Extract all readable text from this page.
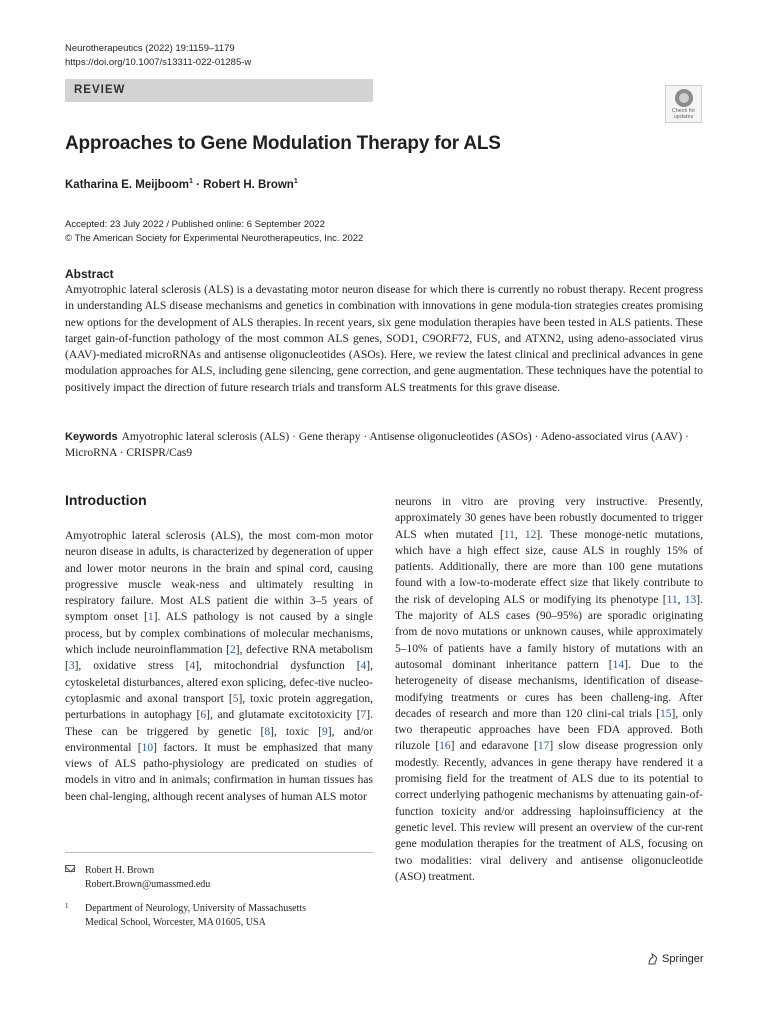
Neurotherapeutics (2022) 19:1159–1179
https://doi.org/10.1007/s13311-022-01285-w
REVIEW
Check for
updates
Approaches to Gene Modulation Therapy for ALS
Katharina E. Meijboom$^1$ · Robert H. Brown$^1$
Accepted: 23 July 2022 / Published online: 6 September 2022
© The American Society for Experimental Neurotherapeutics, Inc. 2022
Abstract
Amyotrophic lateral sclerosis (ALS) is a devastating motor neuron disease for which there is currently no robust therapy. Recent progress in understanding ALS disease mechanisms and genetics in combination with innovations in gene modula-tion strategies creates promising new options for the development of ALS therapies. In recent years, six gene modulation therapies have been tested in ALS patients. These target gain-of-function pathology of the most common ALS genes, SOD1, C9ORF72, FUS, and ATXN2, using adeno-associated virus (AAV)-mediated microRNAs and antisense oligonucleotides (ASOs). Here, we review the latest clinical and preclinical advances in gene modulation approaches for ALS, including gene silencing, gene correction, and gene augmentation. These techniques have the potential to positively impact the direction of future research trials and transform ALS treatments for this grave disease.
Keywords Amyotrophic lateral sclerosis (ALS) · Gene therapy · Antisense oligonucleotides (ASOs) · Adeno-associated virus (AAV) · MicroRNA · CRISPR/Cas9
Introduction
Amyotrophic lateral sclerosis (ALS), the most com-mon motor neuron disease in adults, is characterized by degeneration of upper and lower motor neurons in the brain and spinal cord, causing progressive muscle weak-ness and ultimately resulting in respiratory failure. Most ALS patient die within 3–5 years of symptom onset [1]. ALS pathology is not caused by a single process, but by complex combinations of molecular mechanisms, which include neuroinflammation [2], defective RNA metabolism [3], oxidative stress [4], mitochondrial dysfunction [4], cytoskeletal disturbances, altered exon splicing, defec-tive nucleo-cytoplasmic and axonal transport [5], toxic protein aggregation, perturbations in autophagy [6], and glutamate excitotoxicity [7]. These can be triggered by genetic [8], toxic [9], and/or environmental [10] factors. It must be emphasized that many views of ALS patho-physiology are predicated on studies of models in vitro and in animals; confirmation in human tissues has been chal-lenging, although recent analyses of human ALS motor
neurons in vitro are proving very instructive. Presently, approximately 30 genes have been robustly documented to trigger ALS when mutated [11, 12]. These monoge-netic mutations, which have a high effect size, cause ALS in roughly 15% of patients. Additionally, there are more than 100 gene mutations found with a low-to-moderate effect size that likely contribute to the risk of developing ALS or modifying its phenotype [11, 13]. The majority of ALS cases (90–95%) are sporadic originating from de novo mutations or unknown causes, while approximately 5–10% of patients have a family history of mutations with an autosomal dominant inheritance pattern [14]. Due to the heterogeneity of disease mechanisms, identification of disease-modifying treatments or cures has been challeng-ing. After decades of research and more than 120 clini-cal trials [15], only two therapeutic approaches have been FDA approved. Both riluzole [16] and edaravone [17] slow disease progression only modestly. Recently, advances in gene therapy have rendered it a promising field for the treatment of ALS due to its potential to correct underlying pathogenic mechanisms by attenuating gain-of-function toxicity and/or addressing haploinsufficiency at the genetic level. This review will present an overview of the cur-rent gene modulation therapies for the treatment of ALS, focusing on two modalities: viral delivery and antisense oligonucleotide (ASO) treatment.
Robert H. Brown
Robert.Brown@umassmed.edu
1 Department of Neurology, University of Massachusetts
Medical School, Worcester, MA 01605, USA
Springer
